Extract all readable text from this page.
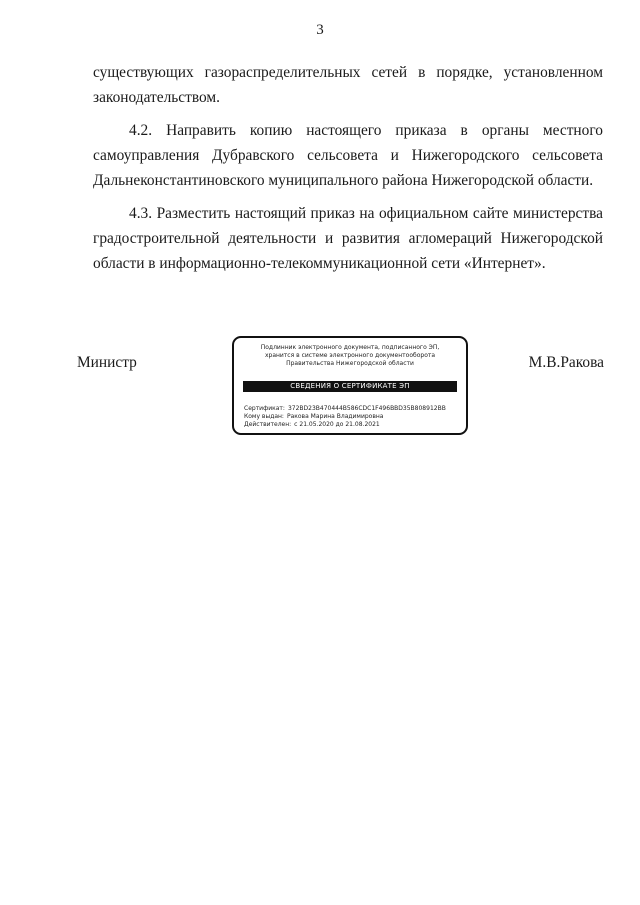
3

существующих газораспределительных сетей в порядке, установленном законодательством.

4.2. Направить копию настоящего приказа в органы местного самоуправления Дубравского сельсовета и Нижегородского сельсовета Дальнеконстантиновского муниципального района Нижегородской области.

4.3. Разместить настоящий приказ на официальном сайте министерства градостроительной деятельности и развития агломераций Нижегородской области в информационно-телекоммуникационной сети «Интернет».

Министр	М.В.Ракова
Подлинник электронного документа, подписанного ЭП,
хранится в системе электронного документооборота
Правительства Нижегородской области
СВЕДЕНИЯ О СЕРТИФИКАТЕ ЭП
Сертификат: 372BD23B470444B586CDC1F496BBD35B808912BB
Кому выдан: Ракова Марина Владимировна
Действителен: с 21.05.2020 до 21.08.2021
